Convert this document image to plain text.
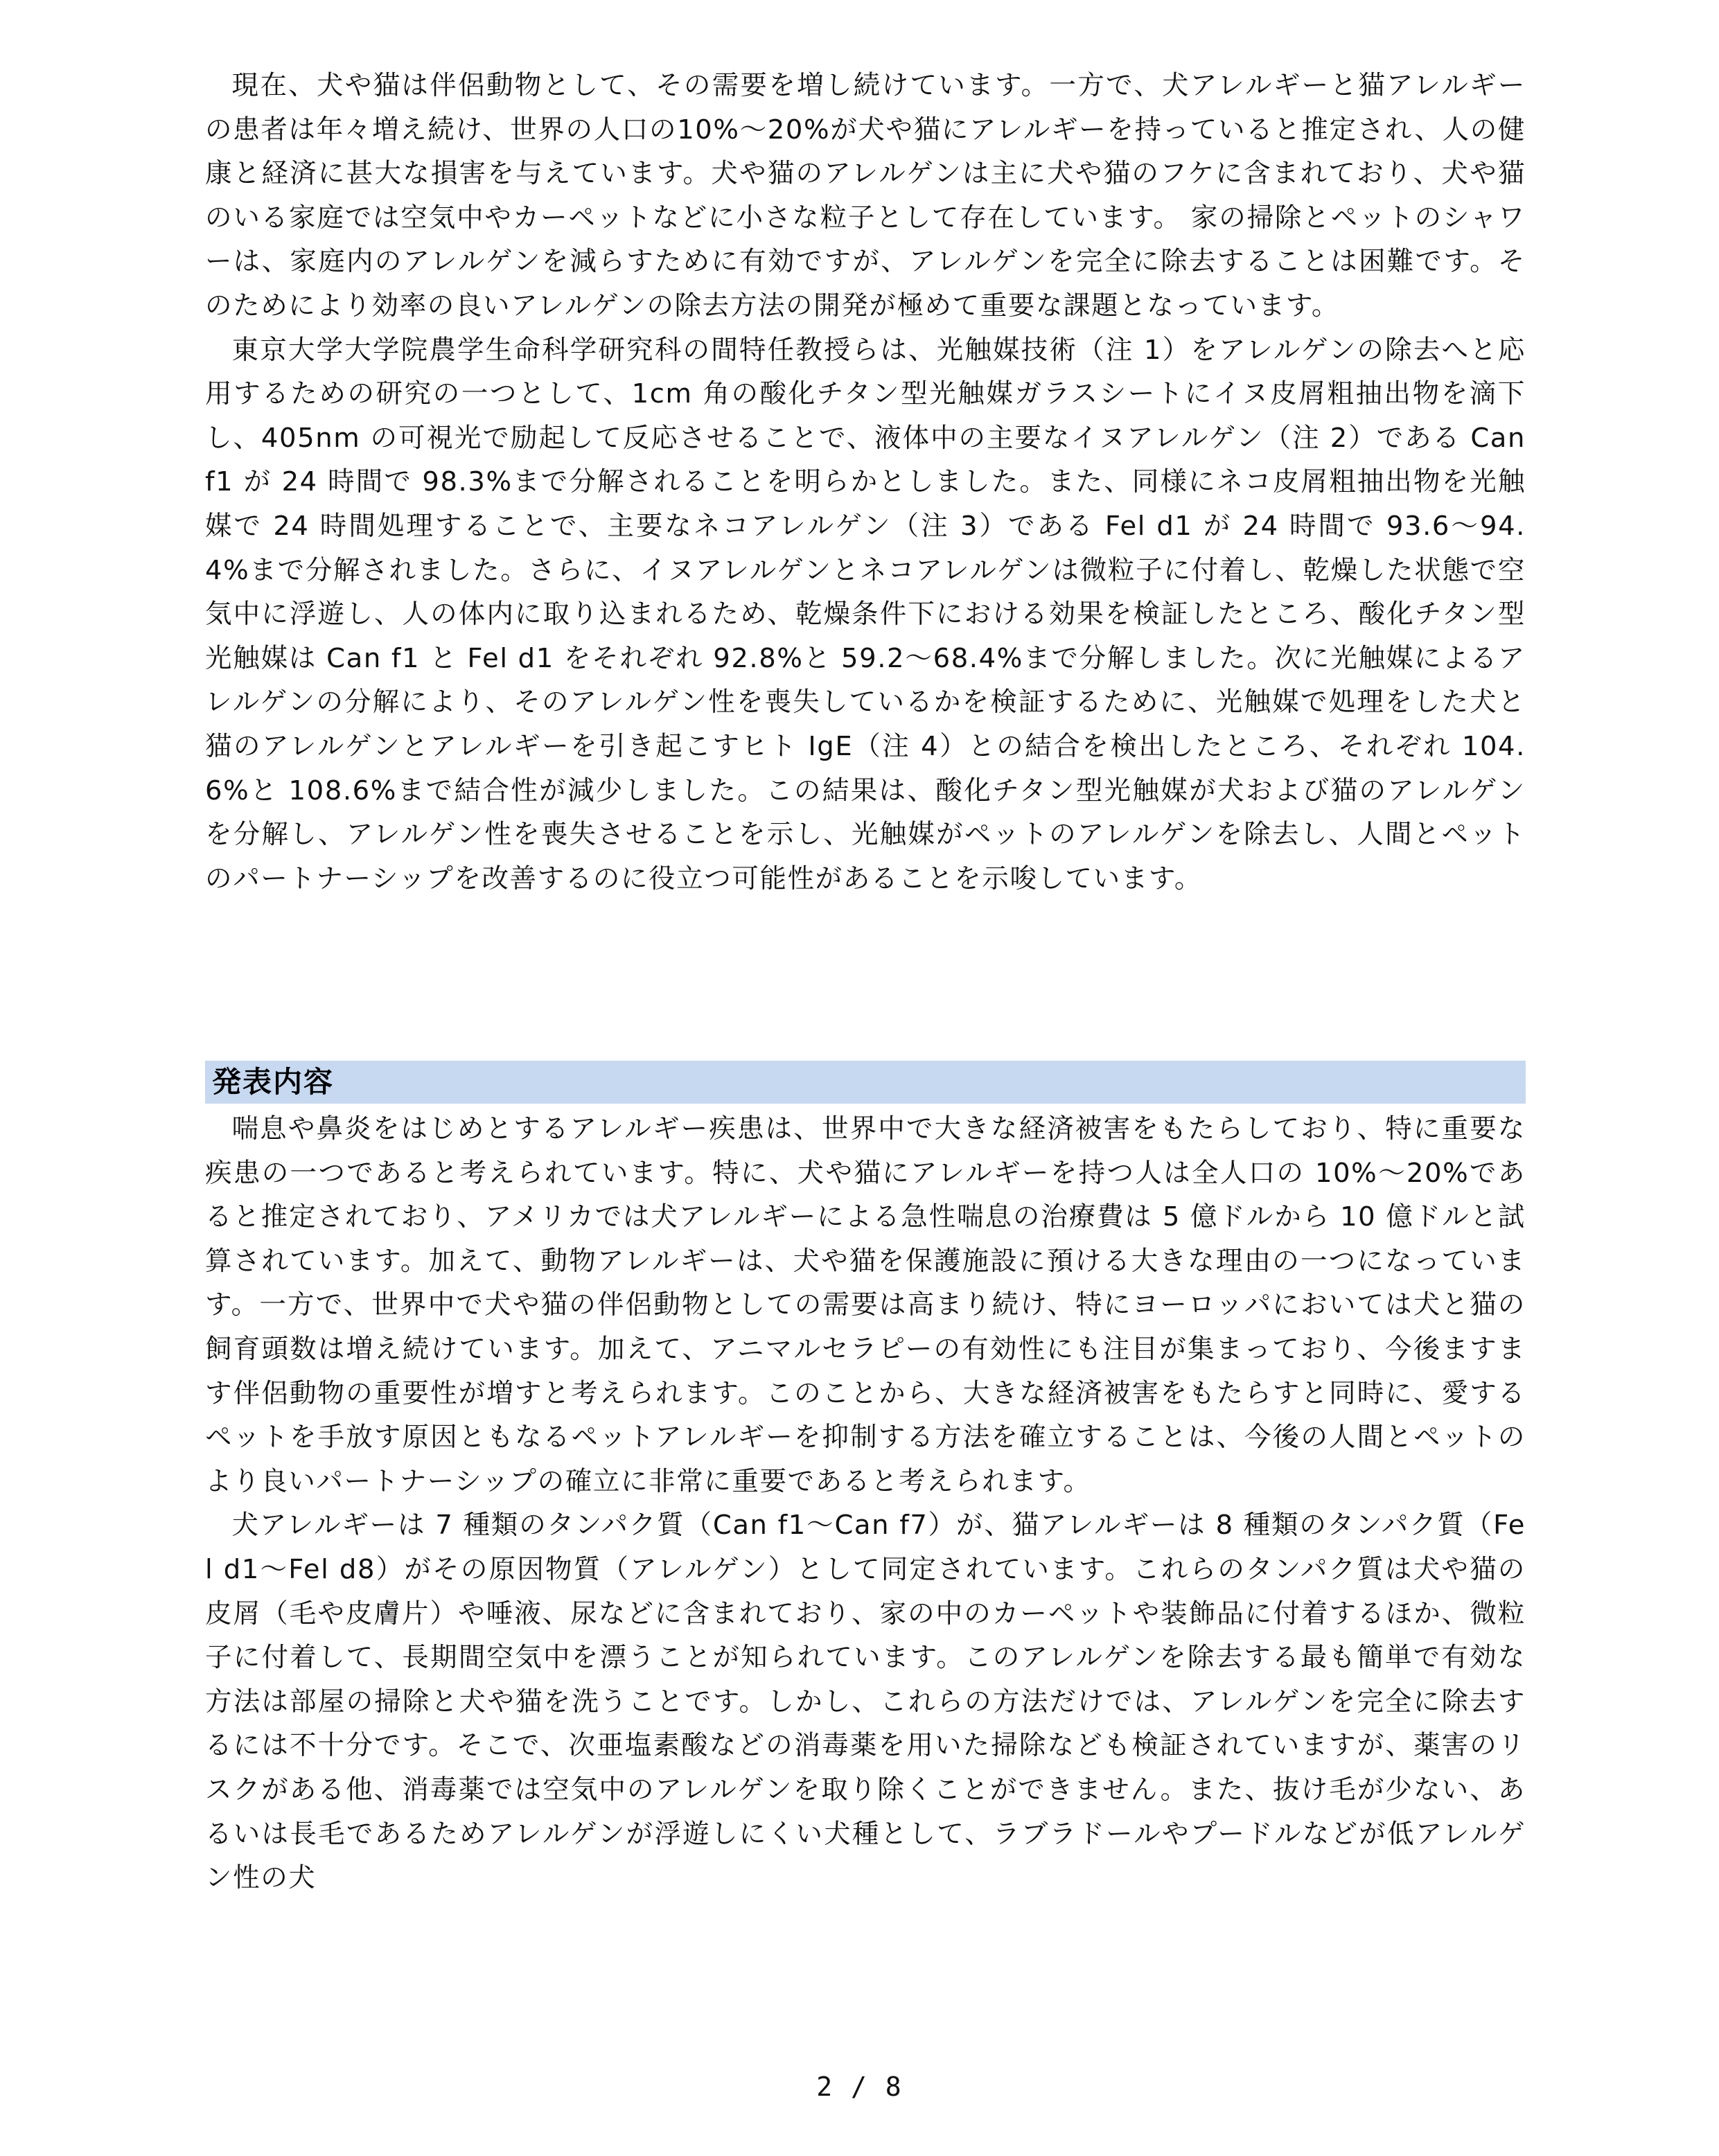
現在、犬や猫は伴侶動物として、その需要を増し続けています。一方で、犬アレルギーと猫アレルギーの患者は年々増え続け、世界の人口の10%〜20%が犬や猫にアレルギーを持っていると推定され、人の健康と経済に甚大な損害を与えています。犬や猫のアレルゲンは主に犬や猫のフケに含まれており、犬や猫のいる家庭では空気中やカーペットなどに小さな粒子として存在しています。 家の掃除とペットのシャワーは、家庭内のアレルゲンを減らすために有効ですが、アレルゲンを完全に除去することは困難です。そのためにより効率の良いアレルゲンの除去方法の開発が極めて重要な課題となっています。

東京大学大学院農学生命科学研究科の間特任教授らは、光触媒技術（注 1）をアレルゲンの除去へと応用するための研究の一つとして、1cm 角の酸化チタン型光触媒ガラスシートにイヌ皮屑粗抽出物を滴下し、405nm の可視光で励起して反応させることで、液体中の主要なイヌアレルゲン（注 2）である Can f1 が 24 時間で 98.3%まで分解されることを明らかとしました。また、同様にネコ皮屑粗抽出物を光触媒で 24 時間処理することで、主要なネコアレルゲン（注 3）である Fel d1 が 24 時間で 93.6〜94.4%まで分解されました。さらに、イヌアレルゲンとネコアレルゲンは微粒子に付着し、乾燥した状態で空気中に浮遊し、人の体内に取り込まれるため、乾燥条件下における効果を検証したところ、酸化チタン型光触媒は Can f1 と Fel d1 をそれぞれ 92.8%と 59.2〜68.4%まで分解しました。次に光触媒によるアレルゲンの分解により、そのアレルゲン性を喪失しているかを検証するために、光触媒で処理をした犬と猫のアレルゲンとアレルギーを引き起こすヒト IgE（注 4）との結合を検出したところ、それぞれ 104.6%と 108.6%まで結合性が減少しました。この結果は、酸化チタン型光触媒が犬および猫のアレルゲンを分解し、アレルゲン性を喪失させることを示し、光触媒がペットのアレルゲンを除去し、人間とペットのパートナーシップを改善するのに役立つ可能性があることを示唆しています。

発表内容

喘息や鼻炎をはじめとするアレルギー疾患は、世界中で大きな経済被害をもたらしており、特に重要な疾患の一つであると考えられています。特に、犬や猫にアレルギーを持つ人は全人口の 10%〜20%であると推定されており、アメリカでは犬アレルギーによる急性喘息の治療費は 5 億ドルから 10 億ドルと試算されています。加えて、動物アレルギーは、犬や猫を保護施設に預ける大きな理由の一つになっています。一方で、世界中で犬や猫の伴侶動物としての需要は高まり続け、特にヨーロッパにおいては犬と猫の飼育頭数は増え続けています。加えて、アニマルセラピーの有効性にも注目が集まっており、今後ますます伴侶動物の重要性が増すと考えられます。このことから、大きな経済被害をもたらすと同時に、愛するペットを手放す原因ともなるペットアレルギーを抑制する方法を確立することは、今後の人間とペットのより良いパートナーシップの確立に非常に重要であると考えられます。

犬アレルギーは 7 種類のタンパク質（Can f1〜Can f7）が、猫アレルギーは 8 種類のタンパク質（Fel d1〜Fel d8）がその原因物質（アレルゲン）として同定されています。これらのタンパク質は犬や猫の皮屑（毛や皮膚片）や唾液、尿などに含まれており、家の中のカーペットや装飾品に付着するほか、微粒子に付着して、長期間空気中を漂うことが知られています。このアレルゲンを除去する最も簡単で有効な方法は部屋の掃除と犬や猫を洗うことです。しかし、これらの方法だけでは、アレルゲンを完全に除去するには不十分です。そこで、次亜塩素酸などの消毒薬を用いた掃除なども検証されていますが、薬害のリスクがある他、消毒薬では空気中のアレルゲンを取り除くことができません。また、抜け毛が少ない、あるいは長毛であるためアレルゲンが浮遊しにくい犬種として、ラブラドールやプードルなどが低アレルゲン性の犬

2 / 8
